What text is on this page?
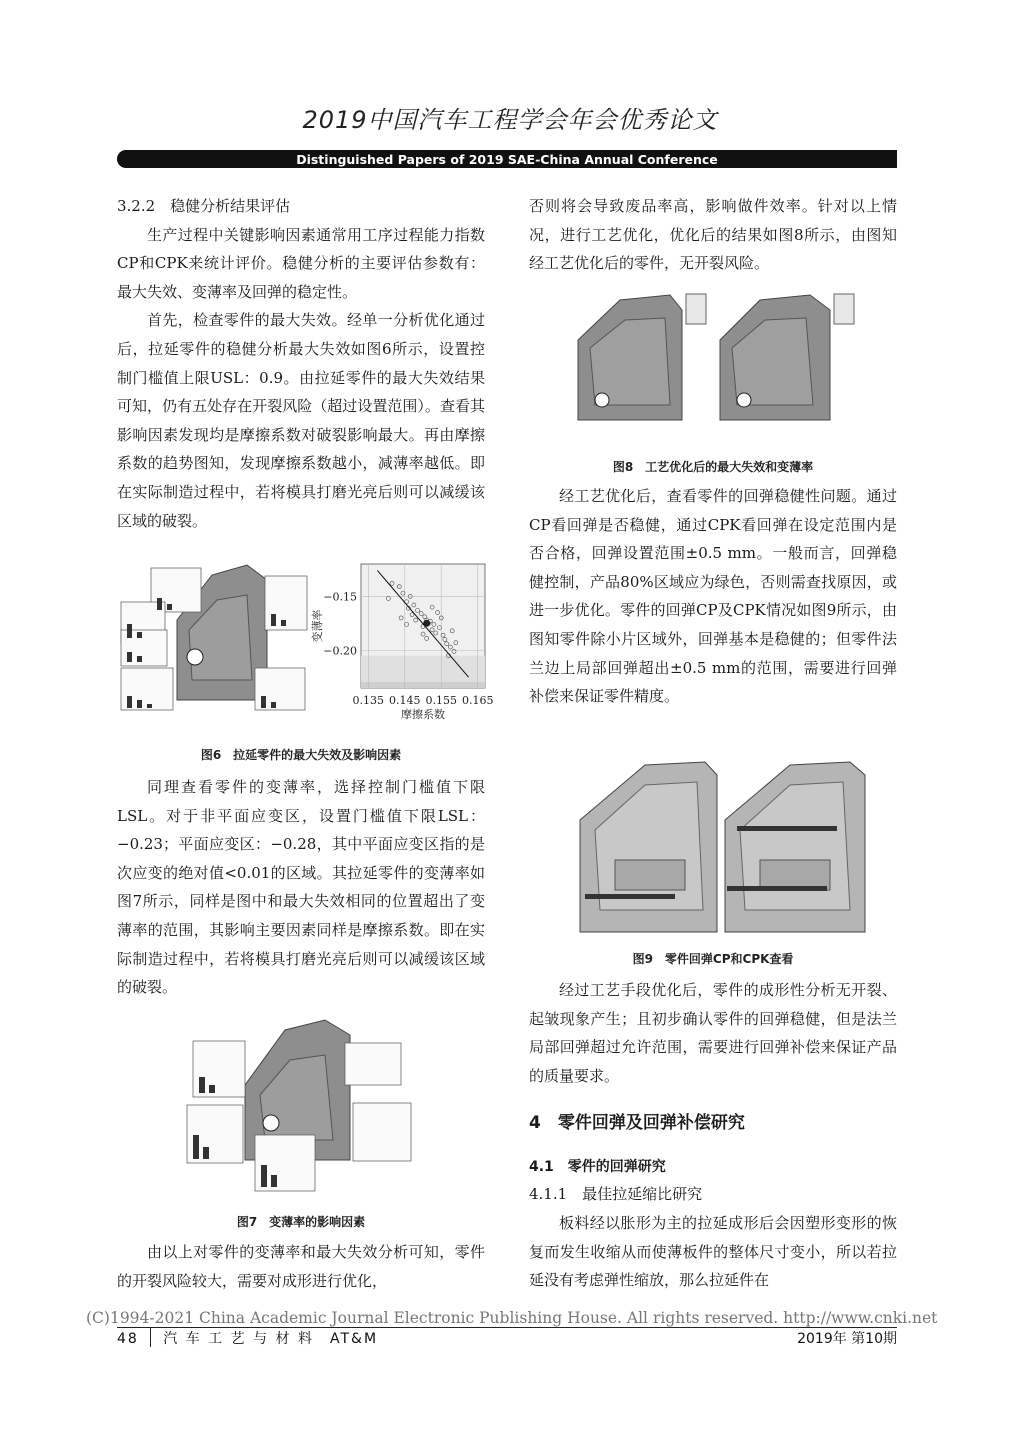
2019中国汽车工程学会年会优秀论文
Distinguished Papers of 2019 SAE-China Annual Conference

3.2.2　稳健分析结果评估

生产过程中关键影响因素通常用工序过程能力指数CP和CPK来统计评价。稳健分析的主要评估参数有：最大失效、变薄率及回弹的稳定性。

首先，检查零件的最大失效。经单一分析优化通过后，拉延零件的稳健分析最大失效如图6所示，设置控制门槛值上限USL：0.9。由拉延零件的最大失效结果可知，仍有五处存在开裂风险（超过设置范围）。查看其影响因素发现均是摩擦系数对破裂影响最大。再由摩擦系数的趋势图知，发现摩擦系数越小，减薄率越低。即在实际制造过程中，若将模具打磨光亮后则可以减缓该区域的破裂。

0.135 0.145 0.155 0.165
−0.15
−0.20
摩擦系数
变薄率
图6　拉延零件的最大失效及影响因素

同理查看零件的变薄率，选择控制门槛值下限LSL。对于非平面应变区，设置门槛值下限LSL：−0.23；平面应变区：−0.28，其中平面应变区指的是次应变的绝对值<0.01的区域。其拉延零件的变薄率如图7所示，同样是图中和最大失效相同的位置超出了变薄率的范围，其影响主要因素同样是摩擦系数。即在实际制造过程中，若将模具打磨光亮后则可以减缓该区域的破裂。

图7　变薄率的影响因素

由以上对零件的变薄率和最大失效分析可知，零件的开裂风险较大，需要对成形进行优化，

否则将会导致废品率高，影响做件效率。针对以上情况，进行工艺优化，优化后的结果如图8所示，由图知经工艺优化后的零件，无开裂风险。

图8　工艺优化后的最大失效和变薄率

经工艺优化后，查看零件的回弹稳健性问题。通过CP看回弹是否稳健，通过CPK看回弹在设定范围内是否合格，回弹设置范围±0.5 mm。一般而言，回弹稳健控制，产品80%区域应为绿色，否则需查找原因，或进一步优化。零件的回弹CP及CPK情况如图9所示，由图知零件除小片区域外，回弹基本是稳健的；但零件法兰边上局部回弹超出±0.5 mm的范围，需要进行回弹补偿来保证零件精度。

图9　零件回弹CP和CPK查看

经过工艺手段优化后，零件的成形性分析无开裂、起皱现象产生；且初步确认零件的回弹稳健，但是法兰局部回弹超过允许范围，需要进行回弹补偿来保证产品的质量要求。

4　零件回弹及回弹补偿研究
4.1　零件的回弹研究
4.1.1　最佳拉延缩比研究

板料经以胀形为主的拉延成形后会因塑形变形的恢复而发生收缩从而使薄板件的整体尺寸变小，所以若拉延没有考虑弹性缩放，那么拉延件在

(C)1994-2021 China Academic Journal Electronic Publishing House. All rights reserved. http://www.cnki.net
48 汽 车 工 艺 与 材 料　AT&M	2019年 第10期
